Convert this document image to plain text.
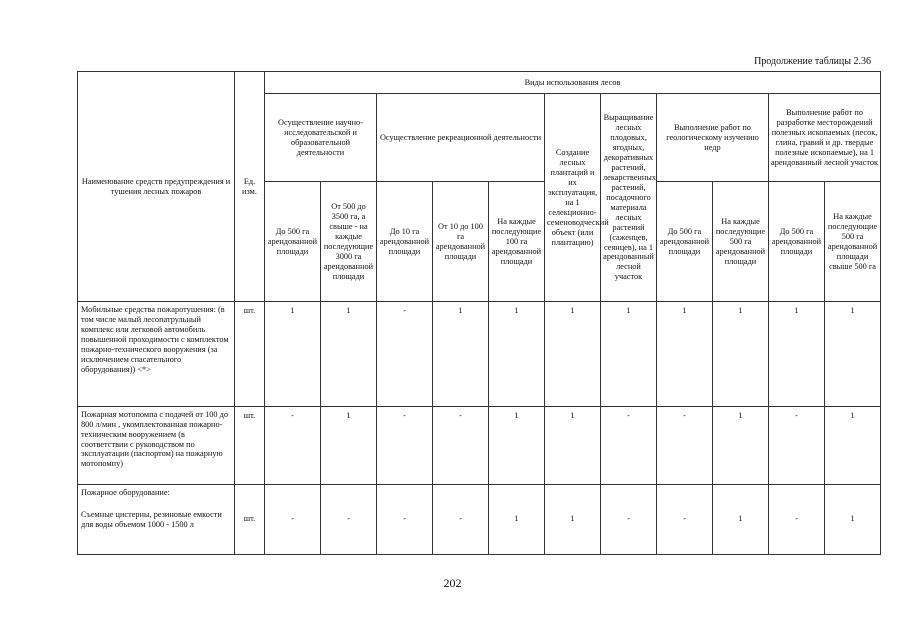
Продолжение таблицы 2.36
Наименование средств предупреждения и тушения лесных пожаров	Ед. изм.	Виды использования лесов										
		Осуществление научно-исследовательской и образовательной деятельности		Осуществление рекреационной деятельности			Создание лесных плантаций и их эксплуатация, на 1 селекционно-семеноводческий объект (или плантацию)	Выращивание лесных плодовых, ягодных, декоративных растений, лекарственных растений, посадочного материала лесных растений (саженцев, сеянцев), на 1 арендованный лесной участок	Выполнение работ по геологическому изучению недр		Выполнение работ по разработке месторождений полезных ископаемых (песок, глина, гравий и др. твердые полезные ископаемые), на 1 арендованный лесной участок	
		До 500 га арендованной площади	От 500 до 3500 га, а свыше - на каждые последующие 3000 га арендованной площади	До 10 га арендованной площади	От 10 до 100 га арендованной площади	На каждые последующие 100 га арендованной площади			До 500 га арендованной площади	На каждые последующие 500 га арендованной площади	До 500 га арендованной площади	На каждые последующие 500 га арендованной площади свыше 500 га
Мобильные средства пожаротушения: (в том числе малый лесопатрульный комплекс или легковой автомобиль повышенной проходимости с комплектом пожарно-технического вооружения (за исключением спасательного оборудования)) <*>	шт.	1	1	-	1	1	1	1	1	1	1	1
Пожарная мотопомпа с подачей от 100 до 800 л/мин , укомплектованная пожарно-техническим вооружением (в соответствии с руководством по эксплуатации (паспортом) на пожарную мотопомпу)	шт.	-	1	-	-	1	1	-	-	1	-	1
Пожарное оборудование:
Съемные цистерны, резиновые емкости для воды объемом 1000 - 1500 л	шт.	-	-	-	-	1	1	-	-	1	-	1
202
